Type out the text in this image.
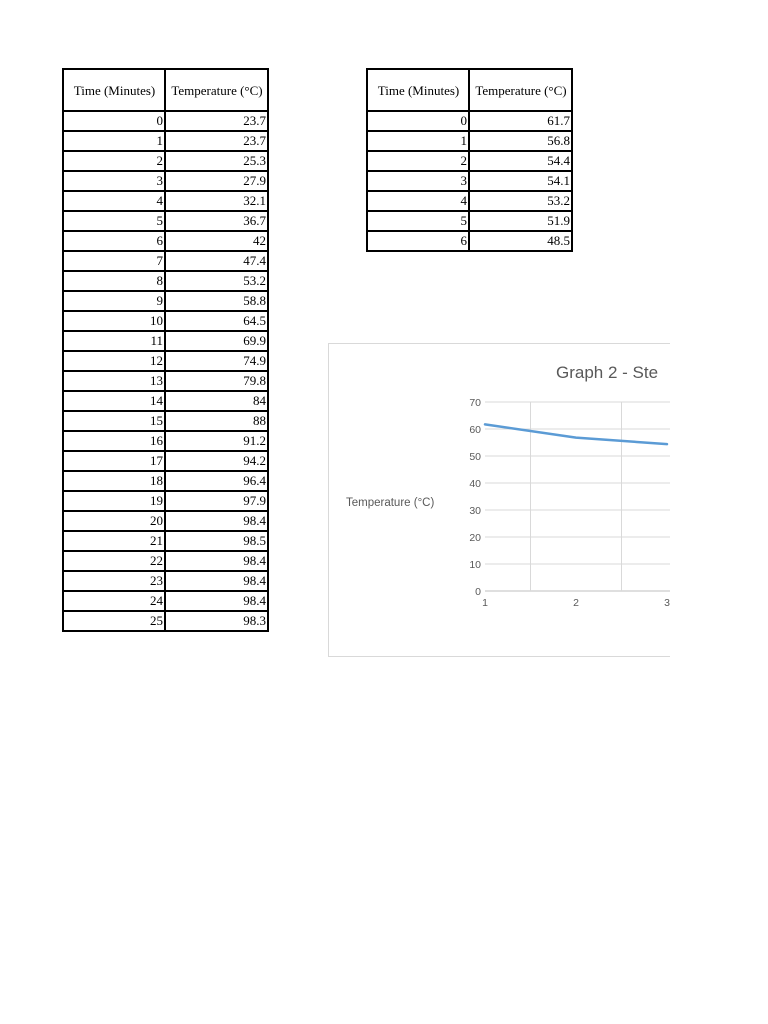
Time (Minutes)	Temperature (°C)
0	23.7
1	23.7
2	25.3
3	27.9
4	32.1
5	36.7
6	42
7	47.4
8	53.2
9	58.8
10	64.5
11	69.9
12	74.9
13	79.8
14	84
15	88
16	91.2
17	94.2
18	96.4
19	97.9
20	98.4
21	98.5
22	98.4
23	98.4
24	98.4
25	98.3
Time (Minutes)	Temperature (°C)
0	61.7
1	56.8
2	54.4
3	54.1
4	53.2
5	51.9
6	48.5
Graph 2 - Ste
Temperature (°C)
0
10
20
30
40
50
60
70
1	2	3
